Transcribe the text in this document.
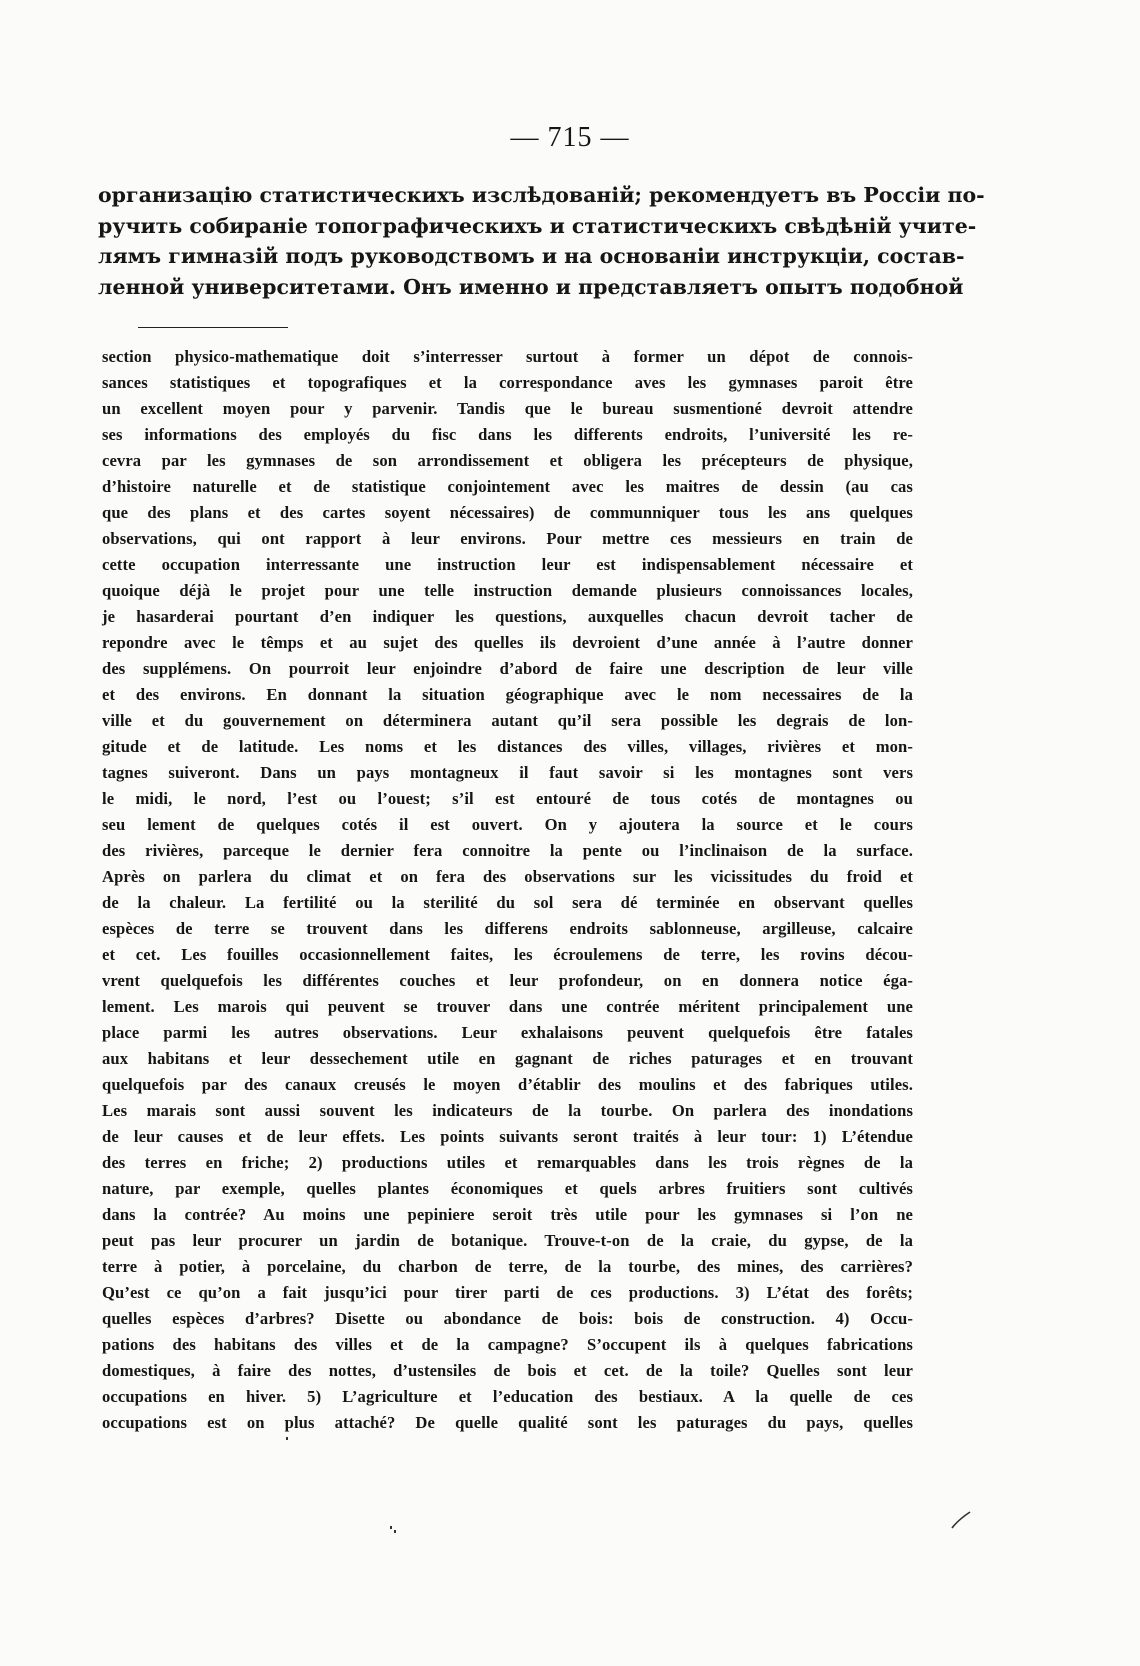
— 715 —
организацію статистическихъ изслѣдованій; рекомендуетъ въ Россіи по-
ручить собираніе топографическихъ и статистическихъ свѣдѣній учите-
лямъ гимназій подъ руководствомъ и на основаніи инструкціи, состав-
ленной университетами. Онъ именно и представляетъ опытъ подобной
section physico-mathematique doit s’interresser surtout à former un dépot de connois-
sances statistiques et topografiques et la correspondance aves les gymnases paroit être
un excellent moyen pour y parvenir. Tandis que le bureau susmentioné devroit attendre
ses informations des employés du fisc dans les differents endroits, l’université les re-
cevra par les gymnases de son arrondissement et obligera les précepteurs de physique,
d’histoire naturelle et de statistique conjointement avec les maitres de dessin (au cas
que des plans et des cartes soyent nécessaires) de communniquer tous les ans quelques
observations, qui ont rapport à leur environs. Pour mettre ces messieurs en train de
cette occupation interressante une instruction leur est indispensablement nécessaire et
quoique déjà le projet pour une telle instruction demande plusieurs connoissances locales,
je hasarderai pourtant d’en indiquer les questions, auxquelles chacun devroit tacher de
repondre avec le têmps et au sujet des quelles ils devroient d’une année à l’autre donner
des supplémens. On pourroit leur enjoindre d’abord de faire une description de leur ville
et des environs. En donnant la situation géographique avec le nom necessaires de la
ville et du gouvernement on déterminera autant qu’il sera possible les degrais de lon-
gitude et de latitude. Les noms et les distances des villes, villages, rivières et mon-
tagnes suiveront. Dans un pays montagneux il faut savoir si les montagnes sont vers
le midi, le nord, l’est ou l’ouest; s’il est entouré de tous cotés de montagnes ou
seu lement de quelques cotés il est ouvert. On y ajoutera la source et le cours
des rivières, parceque le dernier fera connoitre la pente ou l’inclinaison de la surface.
Après on parlera du climat et on fera des observations sur les vicissitudes du froid et
de la chaleur. La fertilité ou la sterilité du sol sera dé terminée en observant quelles
espèces de terre se trouvent dans les differens endroits sablonneuse, argilleuse, calcaire
et cet. Les fouilles occasionnellement faites, les écroulemens de terre, les rovins décou-
vrent quelquefois les différentes couches et leur profondeur, on en donnera notice éga-
lement. Les marois qui peuvent se trouver dans une contrée méritent principalement une
place parmi les autres observations. Leur exhalaisons peuvent quelquefois être fatales
aux habitans et leur dessechement utile en gagnant de riches paturages et en trouvant
quelquefois par des canaux creusés le moyen d’établir des moulins et des fabriques utiles.
Les marais sont aussi souvent les indicateurs de la tourbe. On parlera des inondations
de leur causes et de leur effets. Les points suivants seront traités à leur tour: 1) L’étendue
des terres en friche; 2) productions utiles et remarquables dans les trois règnes de la
nature, par exemple, quelles plantes économiques et quels arbres fruitiers sont cultivés
dans la contrée? Au moins une pepiniere seroit très utile pour les gymnases si l’on ne
peut pas leur procurer un jardin de botanique. Trouve-t-on de la craie, du gypse, de la
terre à potier, à porcelaine, du charbon de terre, de la tourbe, des mines, des carrières?
Qu’est ce qu’on a fait jusqu’ici pour tirer parti de ces productions. 3) L’état des forêts;
quelles espèces d’arbres? Disette ou abondance de bois: bois de construction. 4) Occu-
pations des habitans des villes et de la campagne? S’occupent ils à quelques fabrications
domestiques, à faire des nottes, d’ustensiles de bois et cet. de la toile? Quelles sont leur
occupations en hiver. 5) L’agriculture et l’education des bestiaux. A la quelle de ces
occupations est on plus attaché? De quelle qualité sont les paturages du pays, quelles
